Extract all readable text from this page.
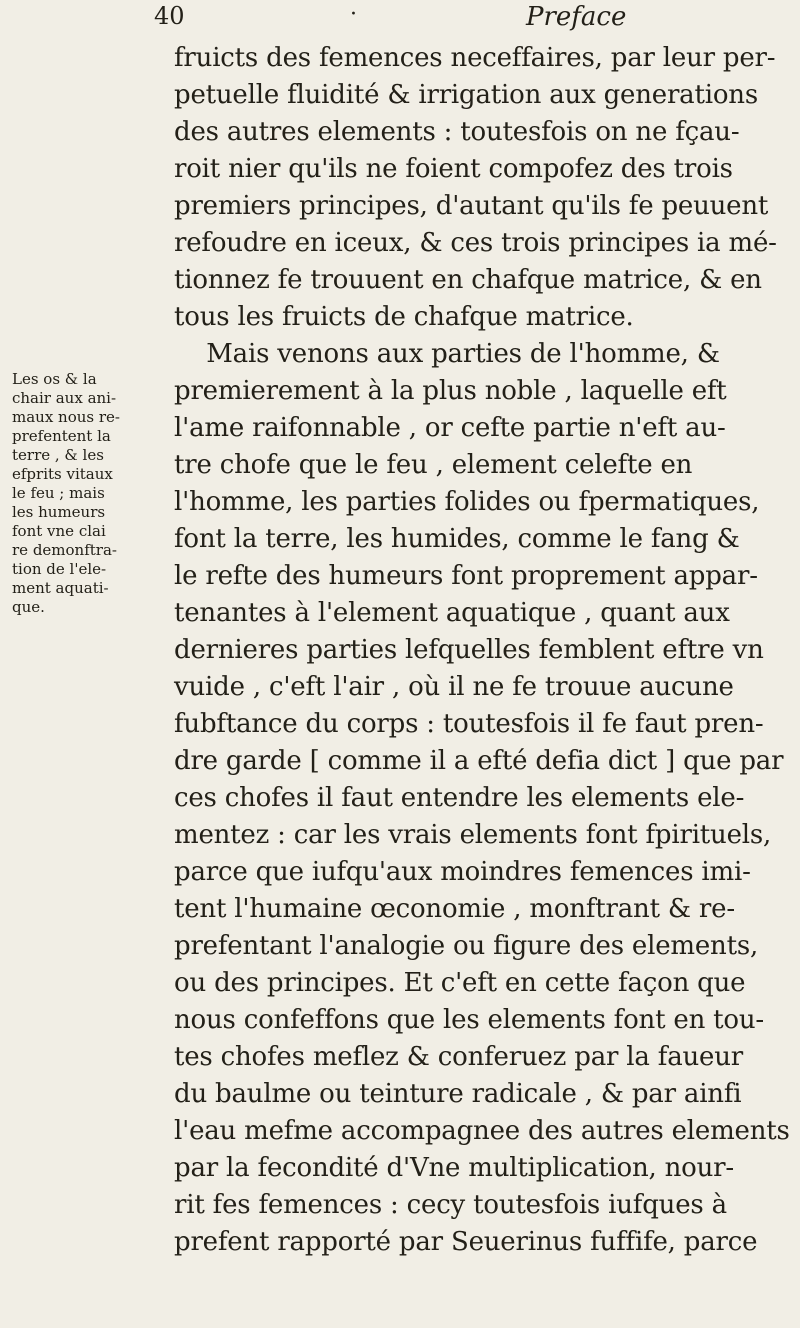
40	·	Preface
Les os & la
chair aux ani-
maux nous re-
prefentent la
terre , & les
efprits vitaux
le feu ; mais
les humeurs
font vne clai
re demonftra-
tion de l'ele-
ment aquati-
que.
fruicts des femences neceffaires, par leur per-
petuelle fluidité & irrigation aux generations
des autres elements : toutesfois on ne fçau-
roit nier qu'ils ne foient compofez des trois
premiers principes, d'autant qu'ils fe peuuent
refoudre en iceux, & ces trois principes ia mé-
tionnez fe trouuent en chafque matrice, & en
tous les fruicts de chafque matrice.
Mais venons aux parties de l'homme, &
premierement à la plus noble , laquelle eft
l'ame raifonnable , or cefte partie n'eft au-
tre chofe que le feu , element celefte en
l'homme, les parties folides ou fpermatiques,
font la terre, les humides, comme le fang &
le refte des humeurs font proprement appar-
tenantes à l'element aquatique , quant aux
dernieres parties lefquelles femblent eftre vn
vuide , c'eft l'air , où il ne fe trouue aucune
fubftance du corps : toutesfois il fe faut pren-
dre garde [ comme il a efté defia dict ] que par
ces chofes il faut entendre les elements ele-
mentez : car les vrais elements font fpirituels,
parce que iufqu'aux moindres femences imi-
tent l'humaine œconomie , monftrant & re-
prefentant l'analogie ou figure des elements,
ou des principes. Et c'eft en cette façon que
nous confeffons que les elements font en tou-
tes chofes meflez & conferuez par la faueur
du baulme ou teinture radicale , & par ainfi
l'eau mefme accompagnee des autres elements
par la fecondité d'Vne multiplication, nour-
rit fes femences : cecy toutesfois iufques à
prefent rapporté par Seuerinus fuffife, parce
